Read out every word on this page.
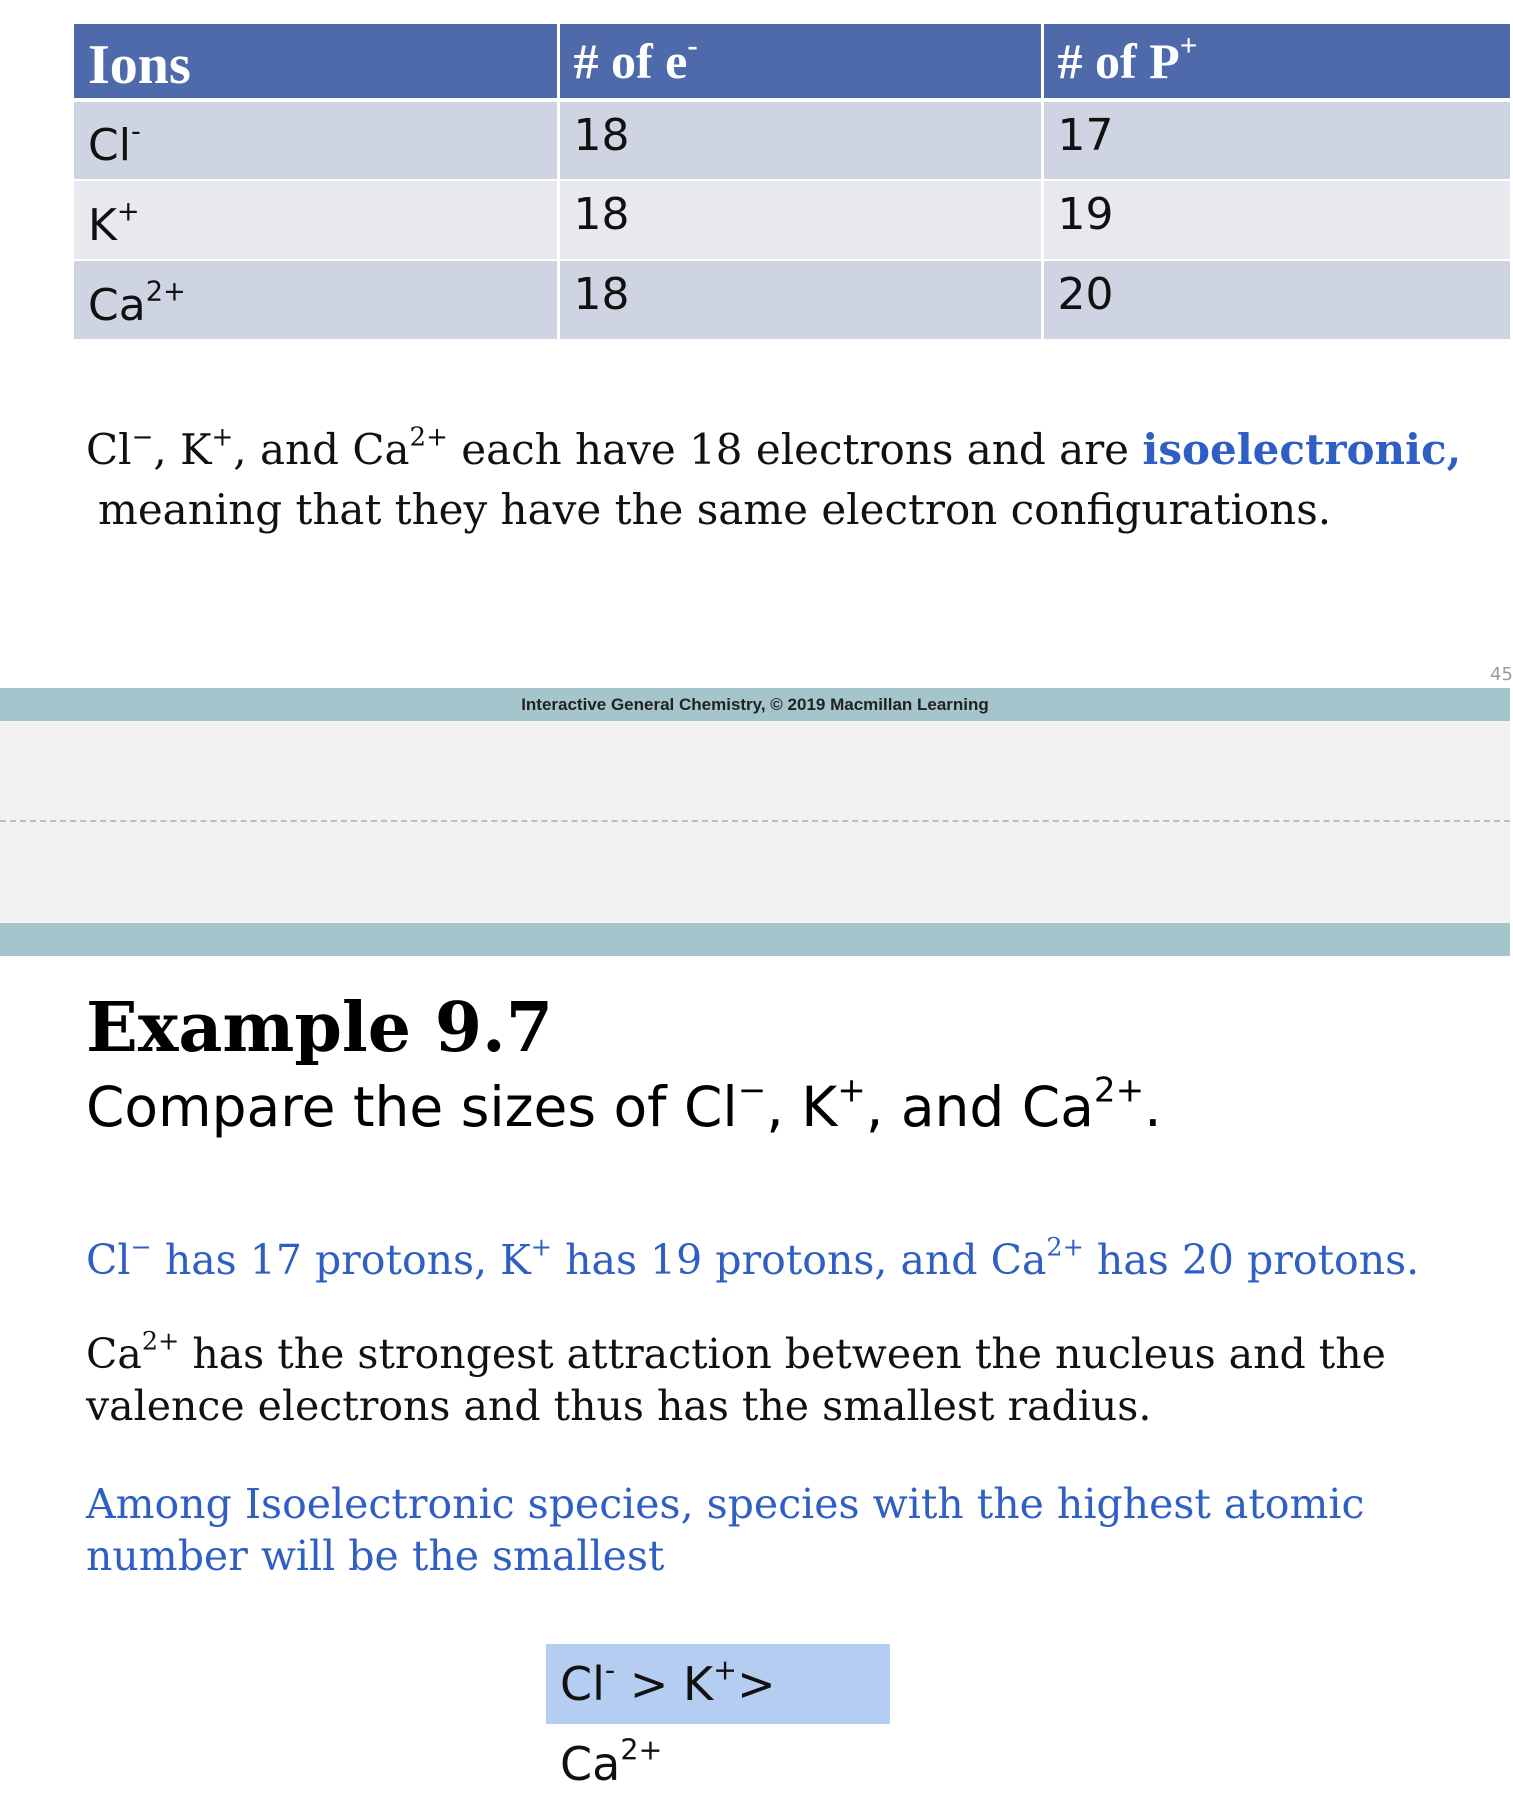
Ions	# of e-	# of P+
Cl-	18	17
K+	18	19
$Ca^{2+}$	18	20
Cl−, K+, and $Ca^{2+}$ each have 18 electrons and are isoelectronic,
meaning that they have the same electron configurations.
45
Interactive General Chemistry, © 2019 Macmillan Learning
Example 9.7
Compare the sizes of Cl−, K+, and $Ca^{2+}$.
Cl− has 17 protons, K+ has 19 protons, and $Ca^{2+}$ has 20 protons.
$Ca^{2+}$ has the strongest attraction between the nucleus and the
valence electrons and thus has the smallest radius.
Among Isoelectronic species, species with the highest atomic
number will be the smallest
$Cl^- > K^+> Ca^{2+}$
